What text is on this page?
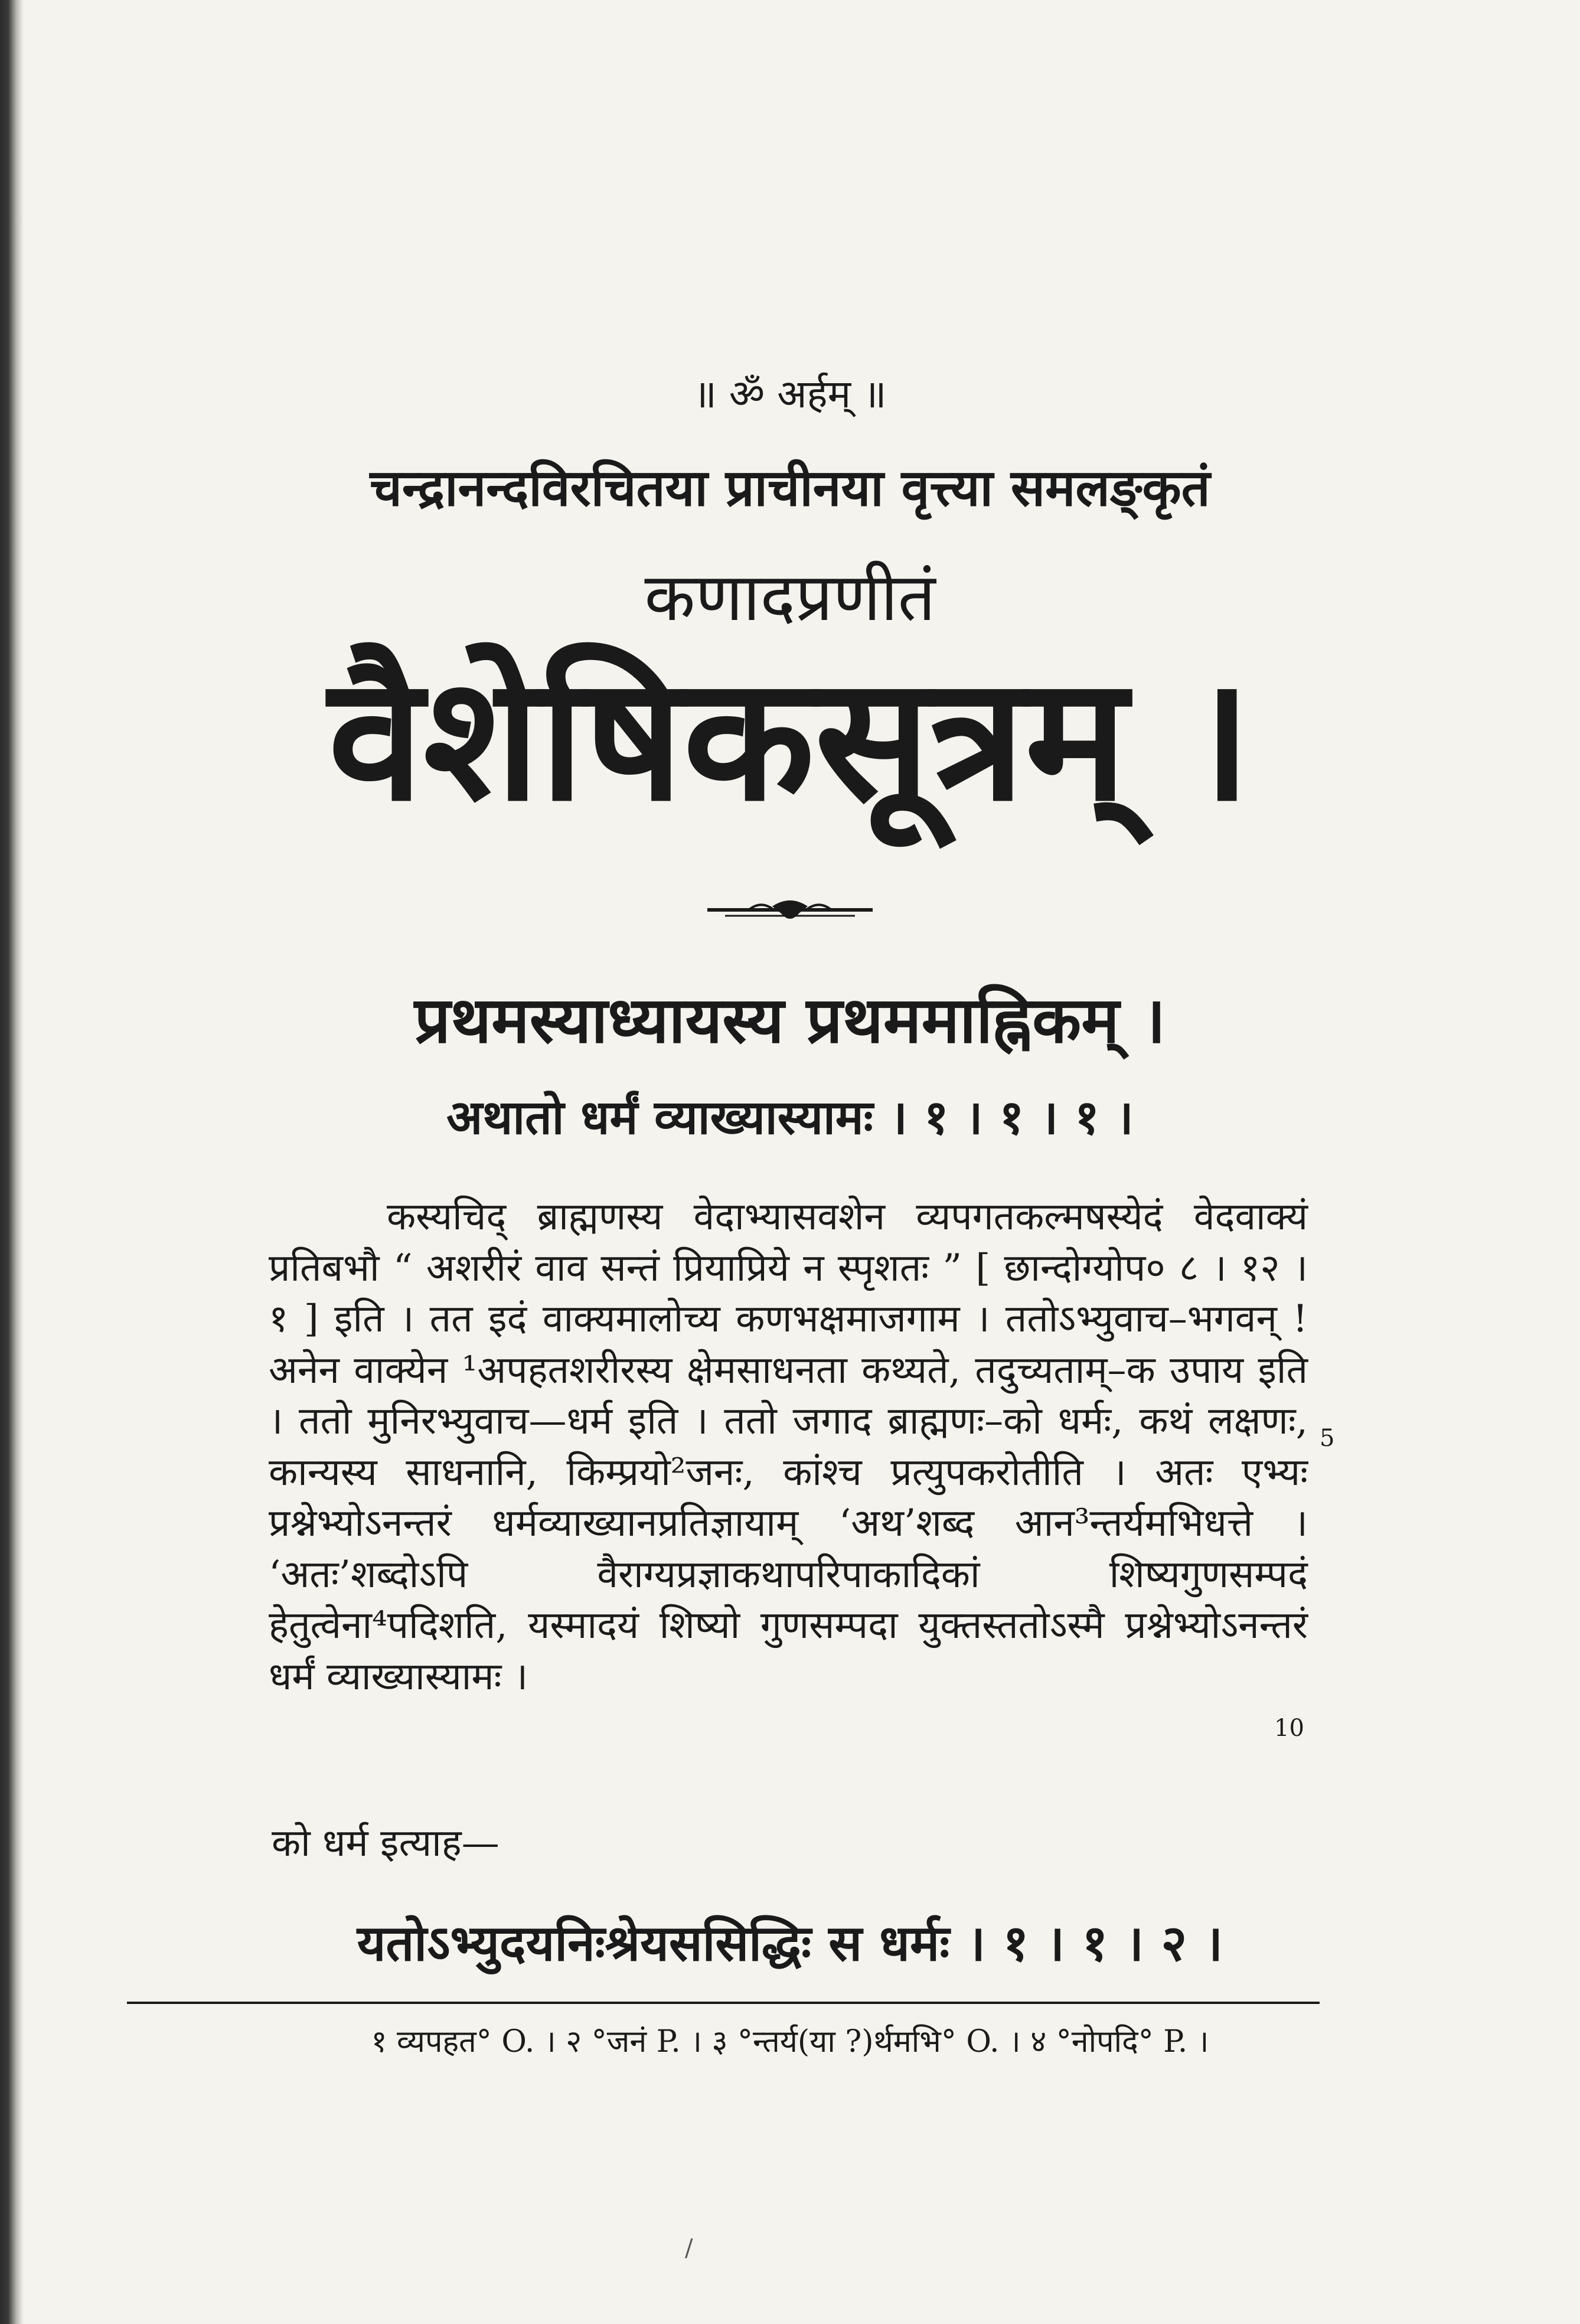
॥ ॐ अर्हम् ॥
चन्द्रानन्दविरचितया प्राचीनया वृत्त्या समलङ्कृतं
कणादप्रणीतं
वैशेषिकसूत्रम् ।
प्रथमस्याध्यायस्य प्रथममाह्निकम् ।
अथातो धर्मं व्याख्यास्यामः । १ । १ । १ ।

कस्यचिद् ब्राह्मणस्य वेदाभ्यासवशेन व्यपगतकल्मषस्येदं वेदवाक्यं प्रतिबभौ “ अशरीरं वाव सन्तं प्रियाप्रिये न स्पृशतः ” [ छान्दोग्योप० ८ । १२ । १ ] इति । तत इदं वाक्यमालोच्य कणभक्षमाजगाम । ततोऽभ्युवाच–भगवन् ! अनेन वाक्येन ¹अपहतशरीरस्य क्षेमसाधनता कथ्यते, तदुच्यताम्–क उपाय इति । ततो मुनिरभ्युवाच—धर्म इति । ततो जगाद ब्राह्मणः–को धर्मः, कथं लक्षणः, कान्यस्य साधनानि, किम्प्रयो²जनः, कांश्च प्रत्युपकरोतीति । अतः एभ्यः प्रश्नेभ्योऽनन्तरं धर्मव्याख्यानप्रतिज्ञायाम् ‘अथ’शब्द आन³न्तर्यमभिधत्ते । ‘अतः’शब्दोऽपि वैराग्यप्रज्ञाकथापरिपाकादिकां शिष्यगुणसम्पदं हेतुत्वेना⁴पदिशति, यस्मादयं शिष्यो गुणसम्पदा युक्तस्ततोऽस्मै प्रश्नेभ्योऽनन्तरं धर्मं व्याख्यास्यामः ।

5
10
को धर्म इत्याह—
यतोऽभ्युदयनिःश्रेयससिद्धिः स धर्मः । १ । १ । २ ।
१ व्यपहत° O. । २ °जनं P. । ३ °न्तर्य(या ?)र्थमभि° O. । ४ °नोपदि° P. ।
/
